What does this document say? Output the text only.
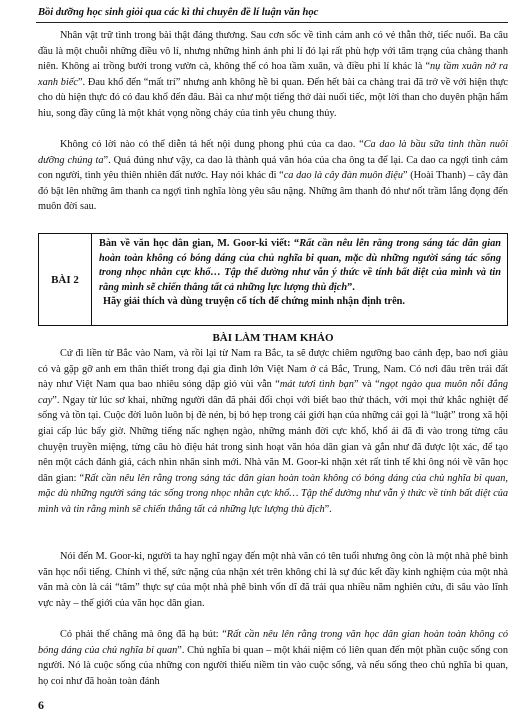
Bồi dưỡng học sinh giỏi qua các kì thi chuyên đề lí luận văn học

Nhân vật trữ tình trong bài thật đáng thương. Sau cơn sốc về tình cảm anh có vẻ thẫn thờ, tiếc nuối. Ba câu đầu là một chuỗi những điều vô lí, nhưng những hình ảnh phi lí đó lại rất phù hợp với tâm trạng của chàng thanh niên. Không ai trồng bưởi trong vườn cà, không thể có hoa tầm xuân, và điều phi lí khác là “nụ tầm xuân nở ra xanh biếc”. Đau khổ đến “mất trí” nhưng anh không hề bi quan. Đến hết bài ca chàng trai đã trở về với hiện thực cho dù hiện thực đó có đau khổ đến đâu. Bài ca như một tiếng thở dài nuối tiếc, một lời than cho duyên phận hẩm hiu, song đầy cũng là một khát vọng nồng cháy của tình yêu chung thủy.

Không có lời nào có thể diễn tả hết nội dung phong phú của ca dao. “Ca dao là bầu sữa tinh thần nuôi dưỡng chúng ta”. Quả đúng như vậy, ca dao là thành quả văn hóa của cha ông ta để lại. Ca dao ca ngợi tình cảm con người, tình yêu thiên nhiên đất nước. Hay nói khác đi “ca dao là cây đàn muôn điệu” (Hoài Thanh) – cây đàn đó bật lên những âm thanh ca ngợi tình nghĩa lòng yêu sâu nặng. Những âm thanh đó như nốt trầm lắng đọng đến muôn đời sau.

BÀI 2
Bàn về văn học dân gian, M. Goor-ki viết: “Rất cần nêu lên rằng trong sáng tác dân gian hoàn toàn không có bóng dáng của chủ nghĩa bi quan, mặc dù những người sáng tác sống trong nhọc nhằn cực khổ… Tập thể dường như vẫn ý thức về tính bất diệt của mình và tin rằng mình sẽ chiến thắng tất cả những lực lượng thù địch”.
Hãy giải thích và dùng truyện cổ tích để chứng minh nhận định trên.
BÀI LÀM THAM KHẢO

Cứ đi liền từ Bắc vào Nam, và rồi lại từ Nam ra Bắc, ta sẽ được chiêm ngưỡng bao cảnh đẹp, bao nơi giàu có và gặp gỡ anh em thân thiết trong đại gia đình lớn Việt Nam ở cả Bắc, Trung, Nam. Có nơi đâu trên trái đất này như Việt Nam qua bao nhiêu sóng dập gió vùi vẫn “mát tươi tình bạn” và “ngọt ngào qua muôn nỗi đắng cay”. Ngay từ lúc sơ khai, những người dân đã phải đối chọi với biết bao thử thách, với mọi thứ khắc nghiệt để sống và tồn tại. Cuộc đời luôn luôn bị đè nén, bị bó hẹp trong cái giới hạn của những cái gọi là “luật” trong xã hội giai cấp lúc bấy giờ. Những tiếng nấc nghẹn ngào, những mảnh đời cực khổ, khổ ải đã đi vào trong từng câu chuyện truyền miệng, từng câu hò điệu hát trong sinh hoạt văn hóa dân gian và gắn như đã được lột xác, để tạo nên một cách đánh giá, cách nhìn nhân sinh mới. Nhà văn M. Goor-ki nhận xét rất tinh tế khi ông nói về văn học dân gian: “Rất cần nêu lên rằng trong sáng tác dân gian hoàn toàn không có bóng dáng của chủ nghĩa bi quan, mặc dù những người sáng tác sống trong nhọc nhằn cực khổ… Tập thể dường như vẫn ý thức về tính bất diệt của mình và tin rằng mình sẽ chiến thắng tất cả những lực lượng thù địch”.

Nói đến M. Goor-ki, người ta hay nghĩ ngay đến một nhà văn có tên tuổi nhưng ông còn là một nhà phê bình văn học nổi tiếng. Chính vì thế, sức nặng của nhận xét trên không chỉ là sự đúc kết đầy kinh nghiệm của một nhà văn mà còn là cái “tâm” thực sự của một nhà phê bình vốn dĩ đã trải qua nhiều năm nghiên cứu, đi sâu vào lĩnh vực này – thế giới của văn học dân gian.

Có phải thế chăng mà ông đã hạ bút: “Rất cần nêu lên rằng trong văn học dân gian hoàn toàn không có bóng dáng của chủ nghĩa bi quan”. Chủ nghĩa bi quan – một khái niệm có liên quan đến một phần cuộc sống con người. Nó là cuộc sống của những con người thiếu niềm tin vào cuộc sống, và nếu sống theo chủ nghĩa bi quan, họ coi như đã hoàn toàn đánh

6
